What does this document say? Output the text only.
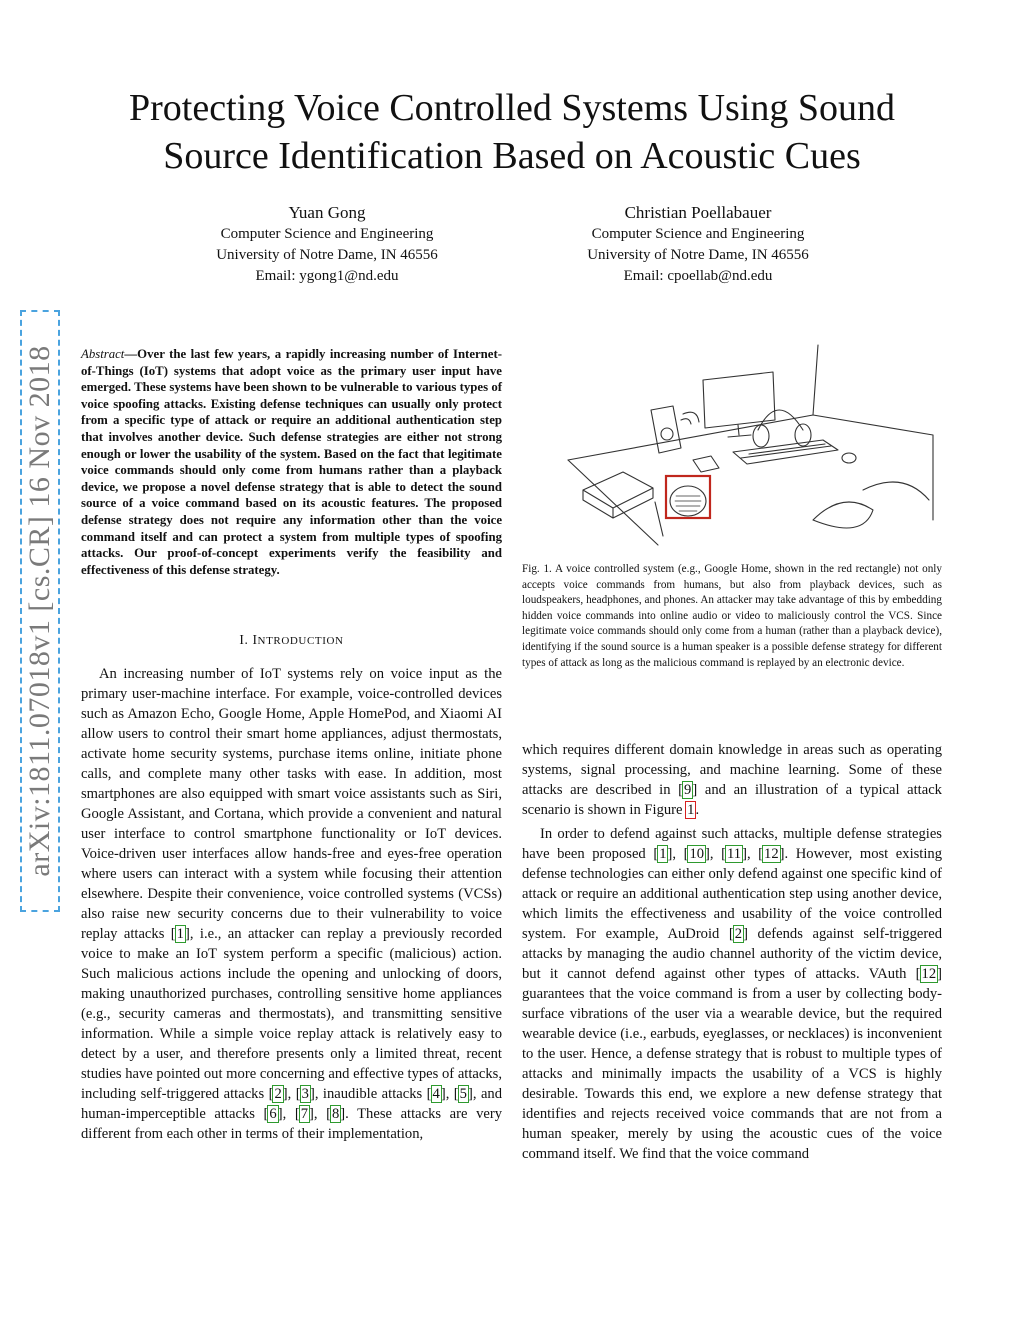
arXiv:1811.07018v1 [cs.CR] 16 Nov 2018
Protecting Voice Controlled Systems Using Sound Source Identification Based on Acoustic Cues
Yuan Gong
Computer Science and Engineering
University of Notre Dame, IN 46556
Email: ygong1@nd.edu
Christian Poellabauer
Computer Science and Engineering
University of Notre Dame, IN 46556
Email: cpoellab@nd.edu
Abstract—Over the last few years, a rapidly increasing number of Internet-of-Things (IoT) systems that adopt voice as the primary user input have emerged. These systems have been shown to be vulnerable to various types of voice spoofing attacks. Existing defense techniques can usually only protect from a specific type of attack or require an additional authentication step that involves another device. Such defense strategies are either not strong enough or lower the usability of the system. Based on the fact that legitimate voice commands should only come from humans rather than a playback device, we propose a novel defense strategy that is able to detect the sound source of a voice command based on its acoustic features. The proposed defense strategy does not require any information other than the voice command itself and can protect a system from multiple types of spoofing attacks. Our proof-of-concept experiments verify the feasibility and effectiveness of this defense strategy.
I. INTRODUCTION

An increasing number of IoT systems rely on voice input as the primary user-machine interface. For example, voice-controlled devices such as Amazon Echo, Google Home, Apple HomePod, and Xiaomi AI allow users to control their smart home appliances, adjust thermostats, activate home security systems, purchase items online, initiate phone calls, and complete many other tasks with ease. In addition, most smartphones are also equipped with smart voice assistants such as Siri, Google Assistant, and Cortana, which provide a convenient and natural user interface to control smartphone functionality or IoT devices. Voice-driven user interfaces allow hands-free and eyes-free operation where users can interact with a system while focusing their attention elsewhere. Despite their convenience, voice controlled systems (VCSs) also raise new security concerns due to their vulnerability to voice replay attacks [1], i.e., an attacker can replay a previously recorded voice to make an IoT system perform a specific (malicious) action. Such malicious actions include the opening and unlocking of doors, making unauthorized purchases, controlling sensitive home appliances (e.g., security cameras and thermostats), and transmitting sensitive information. While a simple voice replay attack is relatively easy to detect by a user, and therefore presents only a limited threat, recent studies have pointed out more concerning and effective types of attacks, including self-triggered attacks [2], [3], inaudible attacks [4], [5], and human-imperceptible attacks [6], [7], [8]. These attacks are very different from each other in terms of their implementation,

Fig. 1. A voice controlled system (e.g., Google Home, shown in the red rectangle) not only accepts voice commands from humans, but also from playback devices, such as loudspeakers, headphones, and phones. An attacker may take advantage of this by embedding hidden voice commands into online audio or video to maliciously control the VCS. Since legitimate voice commands should only come from a human (rather than a playback device), identifying if the sound source is a human speaker is a possible defense strategy for different types of attack as long as the malicious command is replayed by an electronic device.

which requires different domain knowledge in areas such as operating systems, signal processing, and machine learning. Some of these attacks are described in [9] and an illustration of a typical attack scenario is shown in Figure 1.

In order to defend against such attacks, multiple defense strategies have been proposed [1], [10], [11], [12]. However, most existing defense technologies can either only defend against one specific kind of attack or require an additional authentication step using another device, which limits the effectiveness and usability of the voice controlled system. For example, AuDroid [2] defends against self-triggered attacks by managing the audio channel authority of the victim device, but it cannot defend against other types of attacks. VAuth [12] guarantees that the voice command is from a user by collecting body-surface vibrations of the user via a wearable device, but the required wearable device (i.e., earbuds, eyeglasses, or necklaces) is inconvenient to the user. Hence, a defense strategy that is robust to multiple types of attacks and minimally impacts the usability of a VCS is highly desirable. Towards this end, we explore a new defense strategy that identifies and rejects received voice commands that are not from a human speaker, merely by using the acoustic cues of the voice command itself. We find that the voice command
